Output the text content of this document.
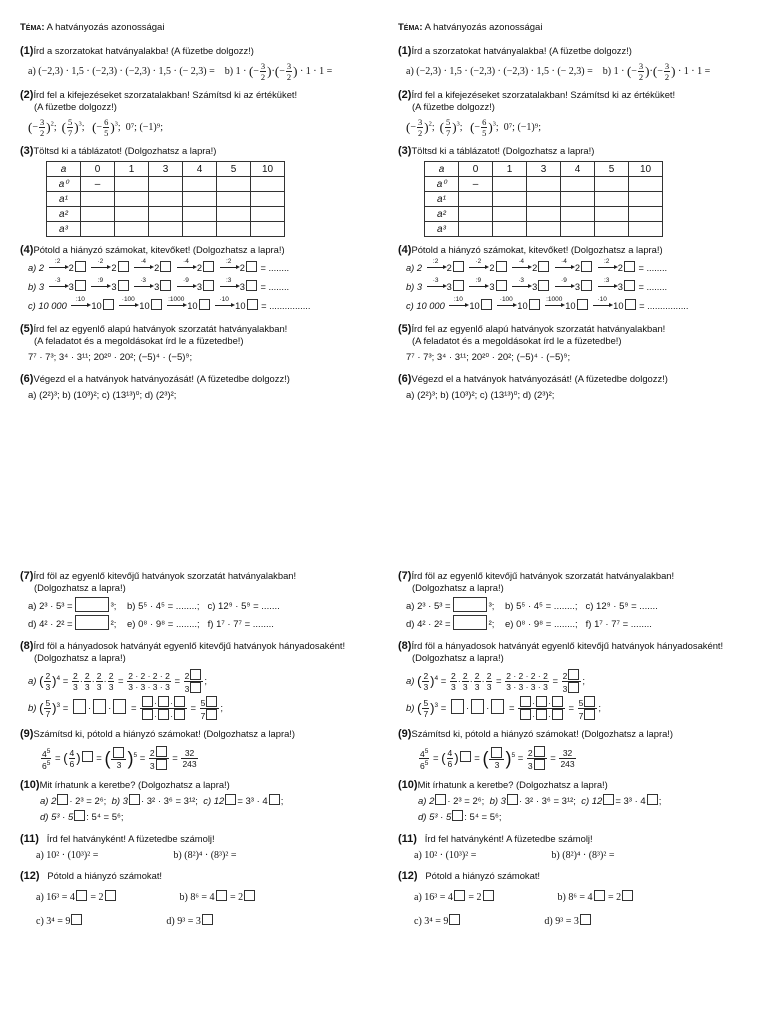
Téma: A hatványozás azonosságai
(1)Írd a szorzatokat hatványalakba! (A füzetbe dolgozz!)
a) (−2,3) · 1,5 · (−2,3) · (−2,3) · 1,5 · (− 2,3) = b) 1 · (− $\frac{3}{2}$ )·(− $\frac{3}{2}$ ) · 1 · 1 =
(2)Írd fel a kifejezéseket szorzatalakban! Számítsd ki az értéküket!
(A füzetbe dolgozz!)
(− $\frac{3}{2} )^2$;  ( $\frac{5}{7} )^3$;   (− $\frac{6}{5} )^3$;  0⁷; (−1)⁹;
(3)Töltsd ki a táblázatot! (Dolgozhatsz a lapra!)
a	0	1	3	4	5	10
a⁰	–					
a¹						
a²						
a³						
(4)Pótold a hiányzó számokat, kitevőket! (Dolgozhatsz a lapra!)
a) 2
:2
2
·2
2
·4
2
·4
2
:2
2 = ........
b) 3
·3
3
:9
3
·3
3
·9
3
:3
3 = ........
c) 10 000
:10
10
·100
10
:1000
10
·10
10 = ................
(5)Írd fel az egyenlő alapú hatványok szorzatát hatványalakban!
(A feladatot és a megoldásokat írd le a füzetedbe!)
7⁷ · 7³; 3⁴ · 3¹¹; 20²⁰ · 20²; (−5)⁴ · (−5)⁹;
(6)Végezd el a hatványok hatványozását! (A füzetedbe dolgozz!)
a) (2²)³; b) (10³)²; c) (13¹³)⁰; d) (2³)²;
(7)Írd föl az egyenlő kitevőjű hatványok szorzatát hatványalakban!
(Dolgozhatsz a lapra!)
a) 2³ · 5³ =	³; b) 5⁵ · 4⁵ = ........; c) 12⁹ · 5⁹ = .......
d) 4² · 2² =	²; e) 0⁸ · 9⁸ = ........; f) 1⁷ · 7⁷ = ........
(8)Írd föl a hányadosok hatványát egyenlő kitevőjű hatványok hányadosaként!
(Dolgozhatsz a lapra!)
a) ( $\frac{2}{3} )^4 = \frac{2}{3} \cdot \frac{2}{3} \cdot \frac{2}{3} \cdot \frac{2}{3} = \frac{2 \cdot 2 \cdot 2 \cdot 2}{3 \cdot 3 \cdot 3 \cdot 3} = \frac{2}{3}$ ;
b) ( $\frac{5}{7} )^3$ = · · = $\frac{\cdot \cdot}{\cdot \cdot} = \frac{5}{7}$ ;
(9)Számítsd ki, pótold a hiányzó számokat! (Dolgozhatsz a lapra!)
$\frac{4^5}{6^5}$ = ( $\frac{4}{6}$ ) = ( 3 )$^5 = \frac{2}{3} = \frac{32}{243}$
(10)Mit írhatunk a keretbe? (Dolgozhatsz a lapra!)
a) 2 · 2³ = 2⁶; b) 3 · 3² · 3⁶ = 3¹²; c) 12 = 3³ · 4 ;
d) 5³ · 5 : 5⁴ = 5⁶;
(11) Írd fel hatványként! A füzetedbe számolj!
a) 10² · (10³)² =	b) (8²)⁴ · (8³)² =
(12) Pótold a hiányzó számokat!
a) 16³ = 4 = 2	b) 8⁶ = 4 = 2
c) 3⁴ = 9	d) 9³ = 3
Téma: A hatványozás azonosságai
(1)Írd a szorzatokat hatványalakba! (A füzetbe dolgozz!)
a) (−2,3) · 1,5 · (−2,3) · (−2,3) · 1,5 · (− 2,3) = b) 1 · (− $\frac{3}{2}$ )·(− $\frac{3}{2}$ ) · 1 · 1 =
(2)Írd fel a kifejezéseket szorzatalakban! Számítsd ki az értéküket!
(A füzetbe dolgozz!)
(− $\frac{3}{2} )^2$;  ( $\frac{5}{7} )^3$;   (− $\frac{6}{5} )^3$;  0⁷; (−1)⁹;
(3)Töltsd ki a táblázatot! (Dolgozhatsz a lapra!)
a	0	1	3	4	5	10
a⁰	–					
a¹						
a²						
a³						
(4)Pótold a hiányzó számokat, kitevőket! (Dolgozhatsz a lapra!)
a) 2
:2
2
·2
2
·4
2
·4
2
:2
2 = ........
b) 3
·3
3
:9
3
·3
3
·9
3
:3
3 = ........
c) 10 000
:10
10
·100
10
:1000
10
·10
10 = ................
(5)Írd fel az egyenlő alapú hatványok szorzatát hatványalakban!
(A feladatot és a megoldásokat írd le a füzetedbe!)
7⁷ · 7³; 3⁴ · 3¹¹; 20²⁰ · 20²; (−5)⁴ · (−5)⁹;
(6)Végezd el a hatványok hatványozását! (A füzetedbe dolgozz!)
a) (2²)³; b) (10³)²; c) (13¹³)⁰; d) (2³)²;
(7)Írd föl az egyenlő kitevőjű hatványok szorzatát hatványalakban!
(Dolgozhatsz a lapra!)
a) 2³ · 5³ =	³; b) 5⁵ · 4⁵ = ........; c) 12⁹ · 5⁹ = .......
d) 4² · 2² =	²; e) 0⁸ · 9⁸ = ........; f) 1⁷ · 7⁷ = ........
(8)Írd föl a hányadosok hatványát egyenlő kitevőjű hatványok hányadosaként!
(Dolgozhatsz a lapra!)
a) ( $\frac{2}{3} )^4 = \frac{2}{3} \cdot \frac{2}{3} \cdot \frac{2}{3} \cdot \frac{2}{3} = \frac{2 \cdot 2 \cdot 2 \cdot 2}{3 \cdot 3 \cdot 3 \cdot 3} = \frac{2}{3}$ ;
b) ( $\frac{5}{7} )^3$ = · · = $\frac{\cdot \cdot}{\cdot \cdot} = \frac{5}{7}$ ;
(9)Számítsd ki, pótold a hiányzó számokat! (Dolgozhatsz a lapra!)
$\frac{4^5}{6^5}$ = ( $\frac{4}{6}$ ) = ( 3 )$^5 = \frac{2}{3} = \frac{32}{243}$
(10)Mit írhatunk a keretbe? (Dolgozhatsz a lapra!)
a) 2 · 2³ = 2⁶; b) 3 · 3² · 3⁶ = 3¹²; c) 12 = 3³ · 4 ;
d) 5³ · 5 : 5⁴ = 5⁶;
(11) Írd fel hatványként! A füzetedbe számolj!
a) 10² · (10³)² =	b) (8²)⁴ · (8³)² =
(12) Pótold a hiányzó számokat!
a) 16³ = 4 = 2	b) 8⁶ = 4 = 2
c) 3⁴ = 9	d) 9³ = 3
